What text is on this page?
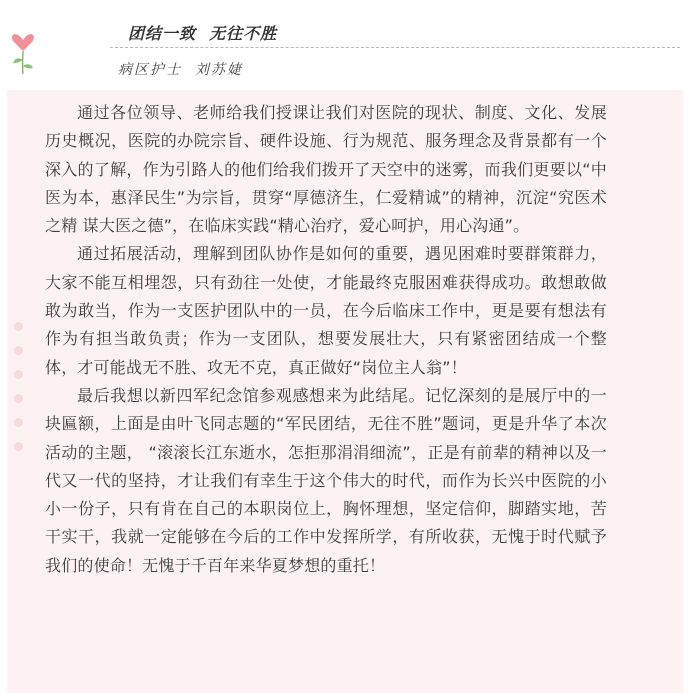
团结一致  无往不胜
病区护士  刘苏婕

通过各位领导、老师给我们授课让我们对医院的现状、制度、文化、发展历史概况，医院的办院宗旨、硬件设施、行为规范、服务理念及背景都有一个深入的了解，作为引路人的他们给我们拨开了天空中的迷雾，而我们更要以“中医为本，惠泽民生”为宗旨，贯穿“厚德济生，仁爱精诚”的精神，沉淀“究医术之精 谋大医之德”，在临床实践“精心治疗，爱心呵护，用心沟通”。

通过拓展活动，理解到团队协作是如何的重要，遇见困难时要群策群力，大家不能互相埋怨，只有劲往一处使，才能最终克服困难获得成功。敢想敢做敢为敢当，作为一支医护团队中的一员，在今后临床工作中，更是要有想法有作为有担当敢负责；作为一支团队，想要发展壮大，只有紧密团结成一个整体，才可能战无不胜、攻无不克，真正做好“岗位主人翁”！

最后我想以新四军纪念馆参观感想来为此结尾。记忆深刻的是展厅中的一块匾额，上面是由叶飞同志题的“军民团结，无往不胜”题词，更是升华了本次活动的主题， “滚滚长江东逝水，怎拒那涓涓细流”，正是有前辈的精神以及一代又一代的坚持，才让我们有幸生于这个伟大的时代，而作为长兴中医院的小小一份子，只有肯在自己的本职岗位上，胸怀理想，坚定信仰，脚踏实地，苦干实干，我就一定能够在今后的工作中发挥所学，有所收获，无愧于时代赋予我们的使命！无愧于千百年来华夏梦想的重托！
